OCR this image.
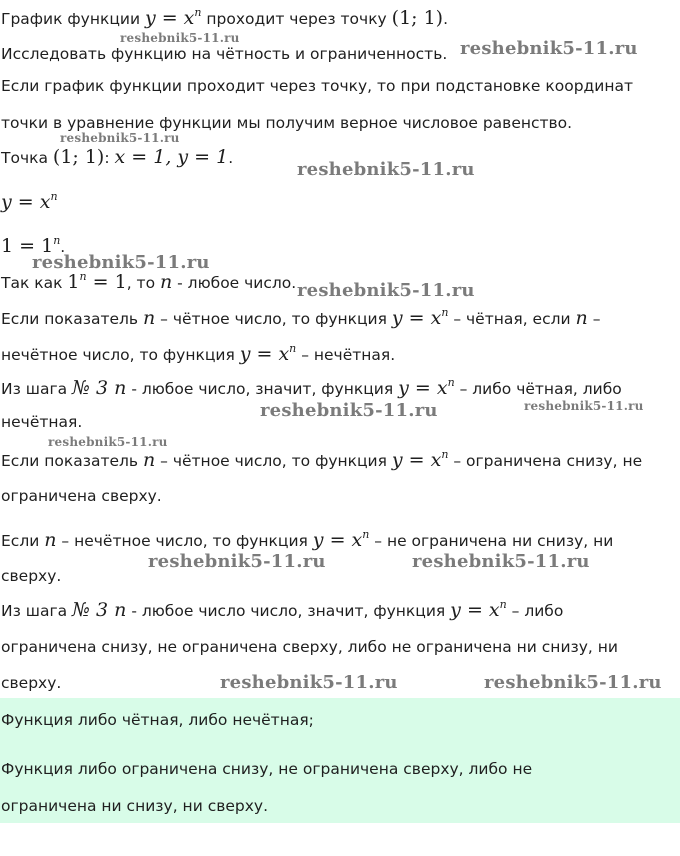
График функции $y = x^n$ проходит через точку (1; 1).
Исследовать функцию на чётность и ограниченность.
Если график функции проходит через точку, то при подстановке координат
точки в уравнение функции мы получим верное числовое равенство.
Точка (1; 1): x = 1, y = 1.
$y = x^n$
$1 = 1^n$.
Так как $1^n = 1$, то n - любое число.
Если показатель n – чётное число, то функция $y = x^n$ – чётная, если n –
нечётное число, то функция $y = x^n$ – нечётная.
Из шага № 3 n - любое число, значит, функция $y = x^n$ – либо чётная, либо
нечётная.
Если показатель n – чётное число, то функция $y = x^n$ – ограничена снизу, не
ограничена сверху.
Если n – нечётное число, то функция $y = x^n$ – не ограничена ни снизу, ни
сверху.
Из шага № 3 n - любое число число, значит, функция $y = x^n$ – либо
ограничена снизу, не ограничена сверху, либо не ограничена ни снизу, ни
сверху.
Функция либо чётная, либо нечётная;
Функция либо ограничена снизу, не ограничена сверху, либо не
ограничена ни снизу, ни сверху.
reshebnik5-11.ru	reshebnik5-11.ru
reshebnik5-11.ru
reshebnik5-11.ru
reshebnik5-11.ru
reshebnik5-11.ru
reshebnik5-11.ru	reshebnik5-11.ru
reshebnik5-11.ru
reshebnik5-11.ru	reshebnik5-11.ru
reshebnik5-11.ru	reshebnik5-11.ru
